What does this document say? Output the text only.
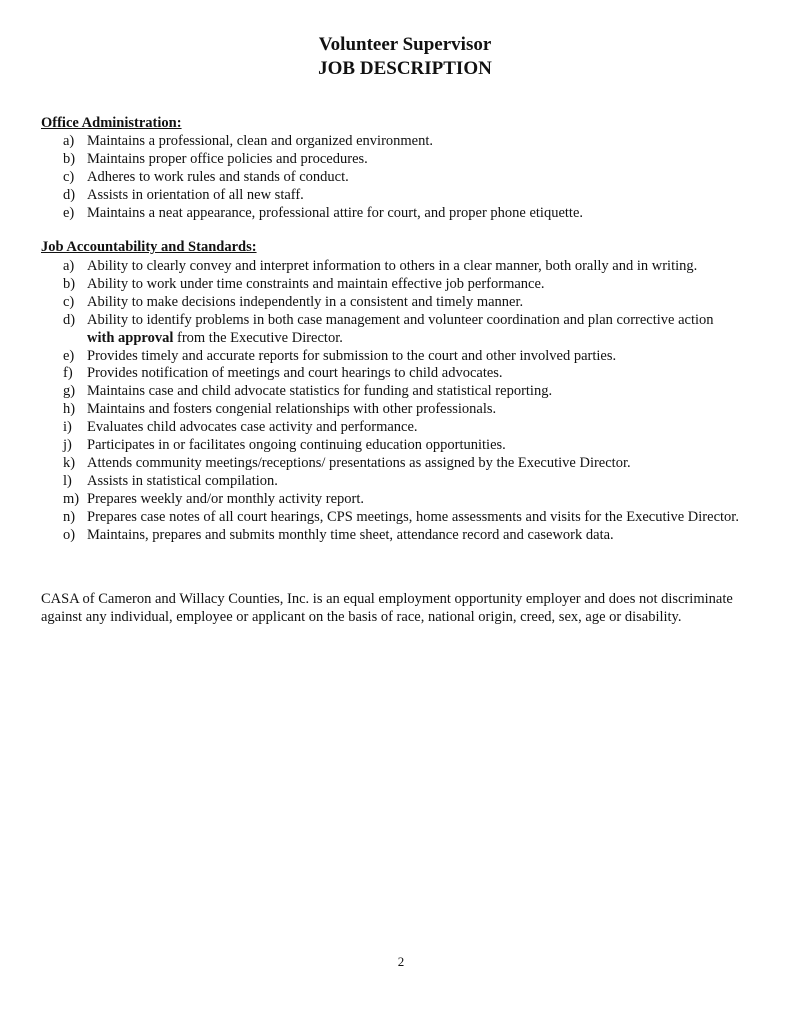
Volunteer Supervisor
JOB DESCRIPTION
Office Administration:
a) Maintains a professional, clean and organized environment.
b) Maintains proper office policies and procedures.
c) Adheres to work rules and stands of conduct.
d) Assists in orientation of all new staff.
e) Maintains a neat appearance, professional attire for court, and proper phone etiquette.
Job Accountability and Standards:
a) Ability to clearly convey and interpret information to others in a clear manner, both orally and in writing.
b) Ability to work under time constraints and maintain effective job performance.
c) Ability to make decisions independently in a consistent and timely manner.
d) Ability to identify problems in both case management and volunteer coordination and plan corrective action with approval from the Executive Director.
e) Provides timely and accurate reports for submission to the court and other involved parties.
f) Provides notification of meetings and court hearings to child advocates.
g) Maintains case and child advocate statistics for funding and statistical reporting.
h) Maintains and fosters congenial relationships with other professionals.
i) Evaluates child advocates case activity and performance.
j) Participates in or facilitates ongoing continuing education opportunities.
k) Attends community meetings/receptions/ presentations as assigned by the Executive Director.
l) Assists in statistical compilation.
m) Prepares weekly and/or monthly activity report.
n) Prepares case notes of all court hearings, CPS meetings, home assessments and visits for the Executive Director.
o) Maintains, prepares and submits monthly time sheet, attendance record and casework data.
CASA of Cameron and Willacy Counties, Inc. is an equal employment opportunity employer and does not discriminate against any individual, employee or applicant on the basis of race, national origin, creed, sex, age or disability.
2
